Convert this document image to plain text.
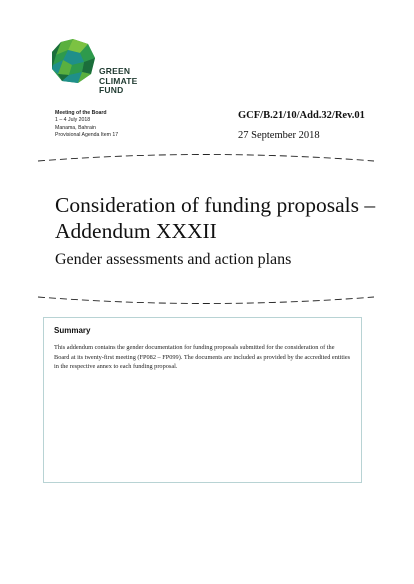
GREEN
CLIMATE
FUND
Meeting of the Board
1 – 4 July 2018
Manama, Bahrain
Provisional Agenda Item 17
GCF/B.21/10/Add.32/Rev.01
27 September 2018
Consideration of funding proposals – Addendum XXXII
Gender assessments and action plans
Summary
This addendum contains the gender documentation for funding proposals submitted for the consideration of the Board at its twenty-first meeting (FP082 – FP099). The documents are included as provided by the accredited entities in the respective annex to each funding proposal.
